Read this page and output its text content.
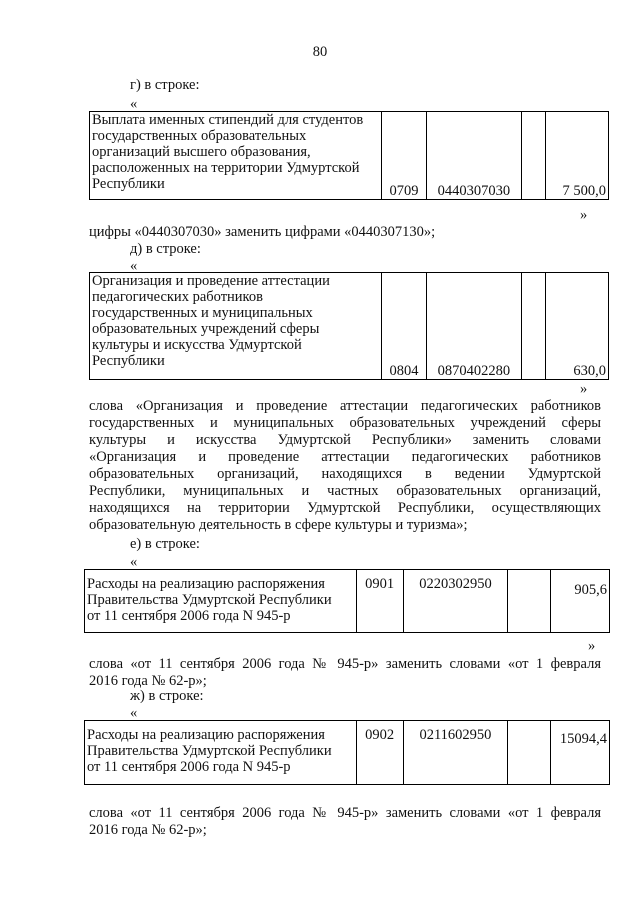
80
г) в строке:
«
Выплата именных стипендий для студентов
государственных образовательных
организаций высшего образования,
расположенных на территории Удмуртской
Республики	0709	0440307030		7 500,0
»
цифры «0440307030» заменить цифрами «0440307130»;
д) в строке:
«
Организация и проведение аттестации
педагогических работников
государственных и муниципальных
образовательных учреждений сферы
культуры и искусства Удмуртской
Республики
	0804	0870402280		630,0
»
слова «Организация и проведение аттестации педагогических работников
государственных и муниципальных образовательных учреждений сферы
культуры и искусства Удмуртской Республики» заменить словами
«Организация и проведение аттестации педагогических работников
образовательных организаций, находящихся в ведении Удмуртской
Республики, муниципальных и частных образовательных организаций,
находящихся на территории Удмуртской Республики, осуществляющих
образовательную деятельность в сфере культуры и туризма»;
е) в строке:
«
Расходы на реализацию распоряжения
Правительства Удмуртской Республики
от 11 сентября 2006 года N 945-р
	0901	0220302950		905,6
»
слова «от 11 сентября 2006 года № 945-р» заменить словами «от 1 февраля
2016 года № 62-р»;
ж) в строке:
«
Расходы на реализацию распоряжения
Правительства Удмуртской Республики
от 11 сентября 2006 года N 945-р
	0902	0211602950		15094,4
слова «от 11 сентября 2006 года № 945-р» заменить словами «от 1 февраля
2016 года № 62-р»;
